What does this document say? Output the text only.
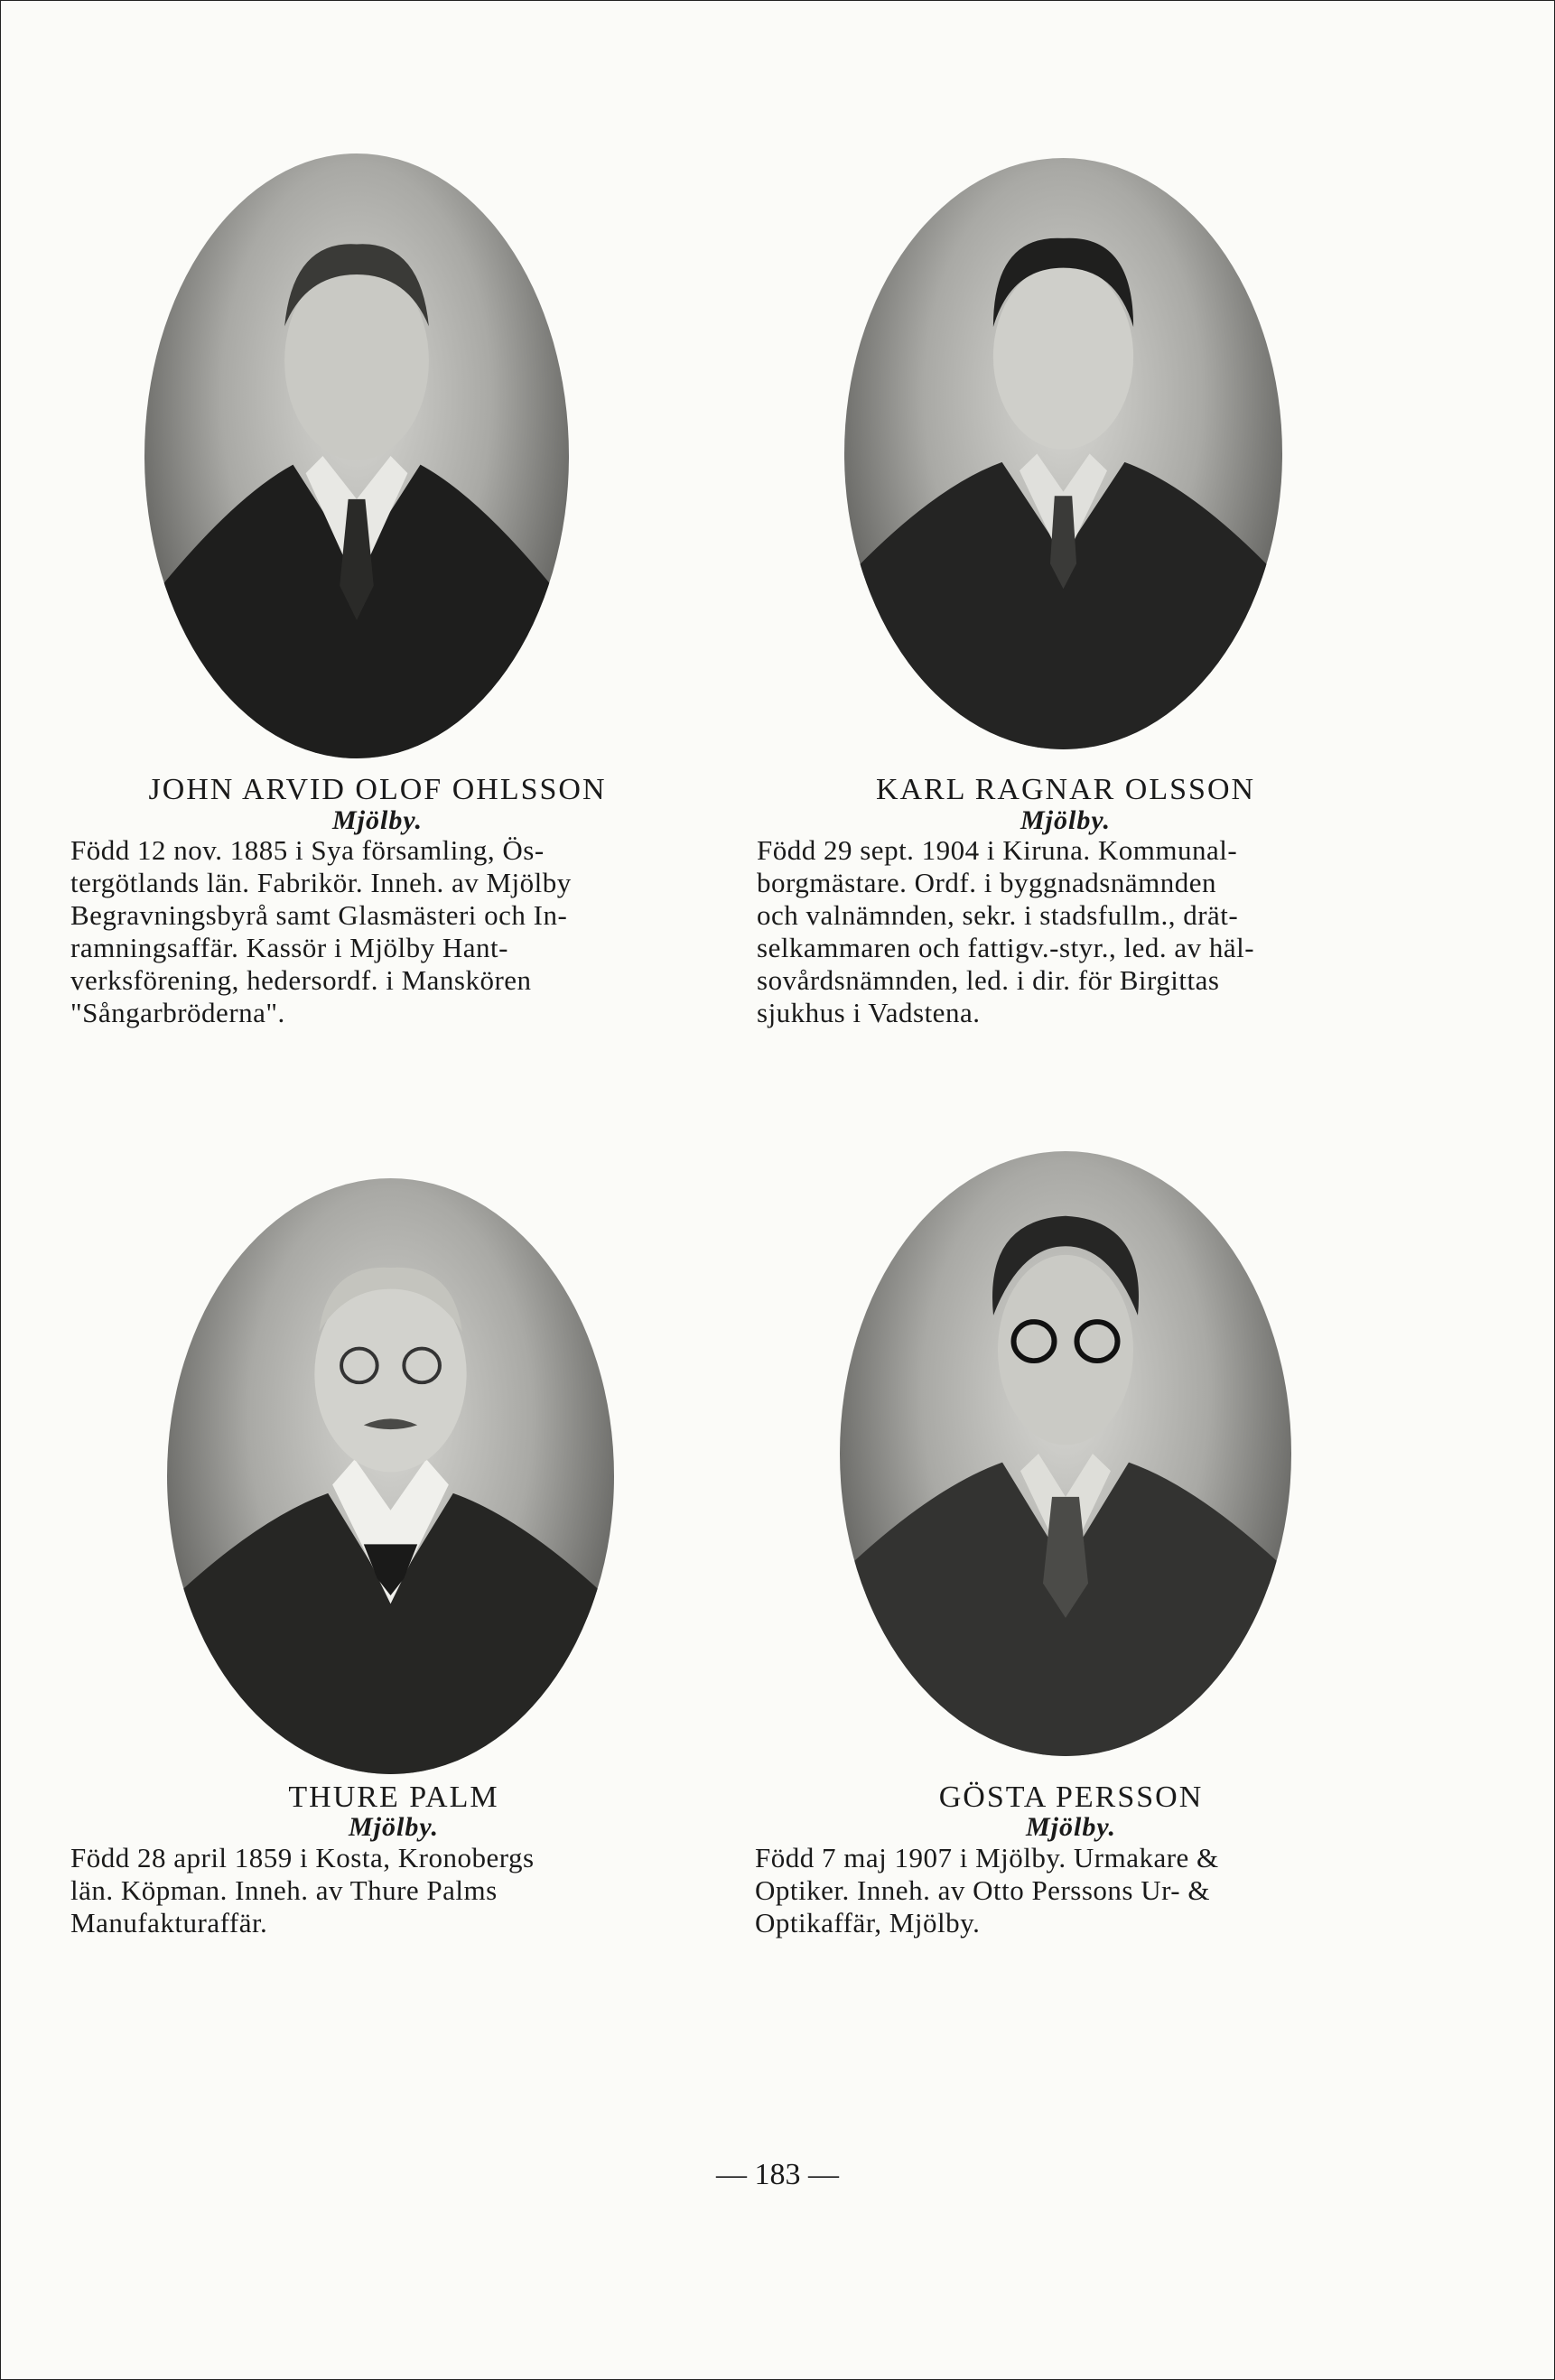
JOHN ARVID OLOF OHLSSON
Mjölby.
Född 12 nov. 1885 i Sya församling, Ös-
tergötlands län. Fabrikör. Inneh. av Mjölby
Begravningsbyrå samt Glasmästeri och In-
ramningsaffär. Kassör i Mjölby Hant-
verksförening, hedersordf. i Manskören
"Sångarbröderna".
KARL RAGNAR OLSSON
Mjölby.
Född 29 sept. 1904 i Kiruna. Kommunal-
borgmästare. Ordf. i byggnadsnämnden
och valnämnden, sekr. i stadsfullm., drät-
selkammaren och fattigv.-styr., led. av häl-
sovårdsnämnden, led. i dir. för Birgittas
sjukhus i Vadstena.
THURE PALM
Mjölby.
Född 28 april 1859 i Kosta, Kronobergs
län. Köpman. Inneh. av Thure Palms
Manufakturaffär.
GÖSTA PERSSON
Mjölby.
Född 7 maj 1907 i Mjölby. Urmakare &
Optiker. Inneh. av Otto Perssons Ur- &
Optikaffär, Mjölby.
— 183 —
